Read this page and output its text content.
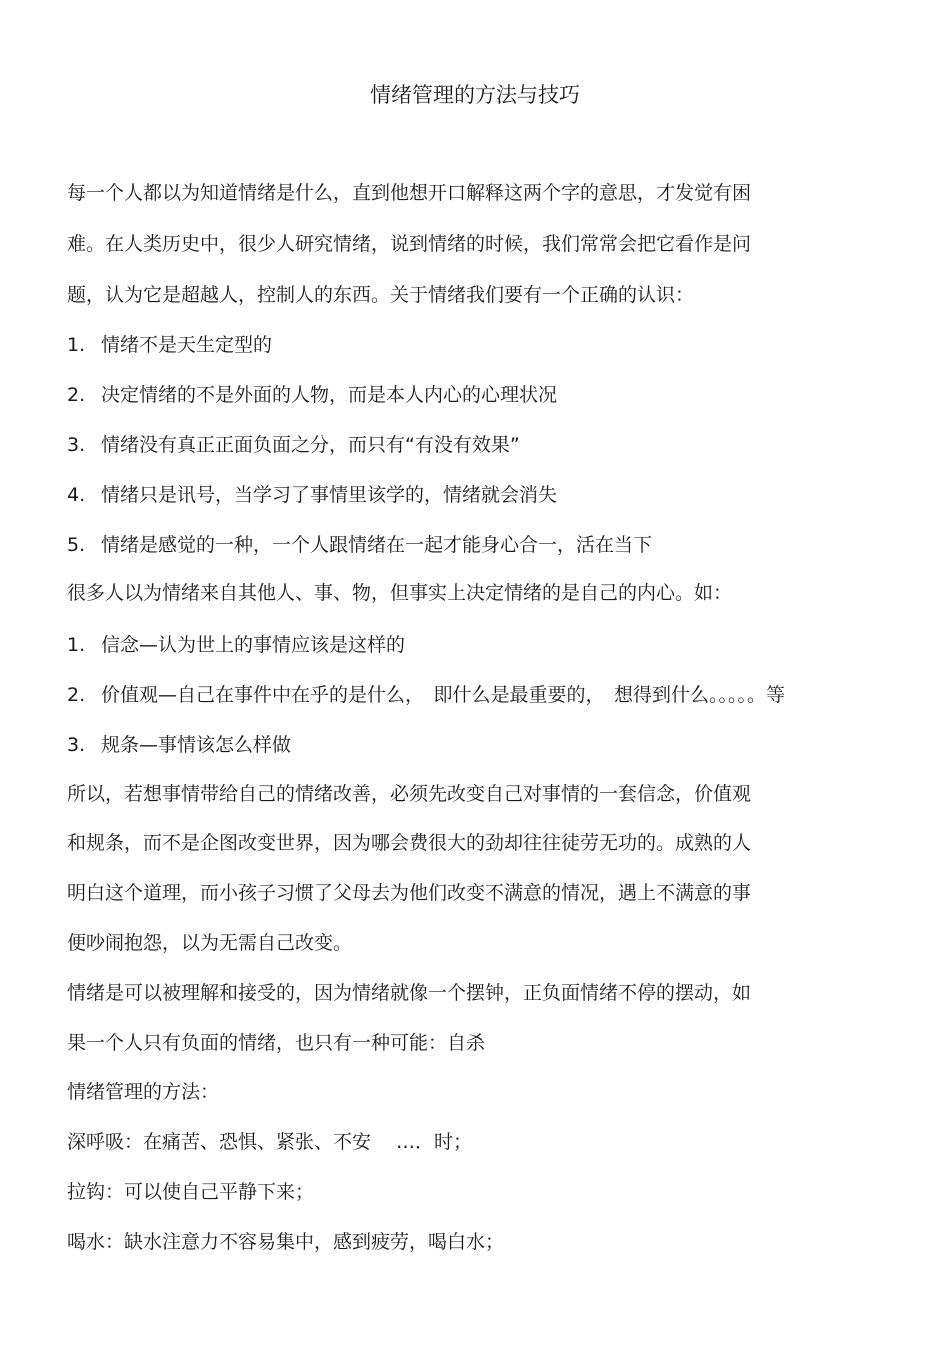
情绪管理的方法与技巧
每一个人都以为知道情绪是什么，直到他想开口解释这两个字的意思，才发觉有困
难。在人类历史中，很少人研究情绪，说到情绪的时候，我们常常会把它看作是问
题，认为它是超越人，控制人的东西。关于情绪我们要有一个正确的认识：
1. 情绪不是天生定型的
2. 决定情绪的不是外面的人物，而是本人内心的心理状况
3. 情绪没有真正正面负面之分，而只有“有没有效果”
4. 情绪只是讯号，当学习了事情里该学的，情绪就会消失
5. 情绪是感觉的一种，一个人跟情绪在一起才能身心合一，活在当下
很多人以为情绪来自其他人、事、物，但事实上决定情绪的是自己的内心。如：
1. 信念—认为世上的事情应该是这样的
2. 价值观—自己在事件中在乎的是什么，　即什么是最重要的，　想得到什么。。。。。等
3. 规条—事情该怎么样做
所以，若想事情带给自己的情绪改善，必须先改变自己对事情的一套信念，价值观
和规条，而不是企图改变世界，因为哪会费很大的劲却往往徒劳无功的。成熟的人
明白这个道理，而小孩子习惯了父母去为他们改变不满意的情况，遇上不满意的事
便吵闹抱怨，以为无需自己改变。
情绪是可以被理解和接受的，因为情绪就像一个摆钟，正负面情绪不停的摆动，如
果一个人只有负面的情绪，也只有一种可能：自杀
情绪管理的方法：
深呼吸：在痛苦、恐惧、紧张、不安　 …．时；
拉钩：可以使自己平静下来；
喝水：缺水注意力不容易集中，感到疲劳，喝白水；
